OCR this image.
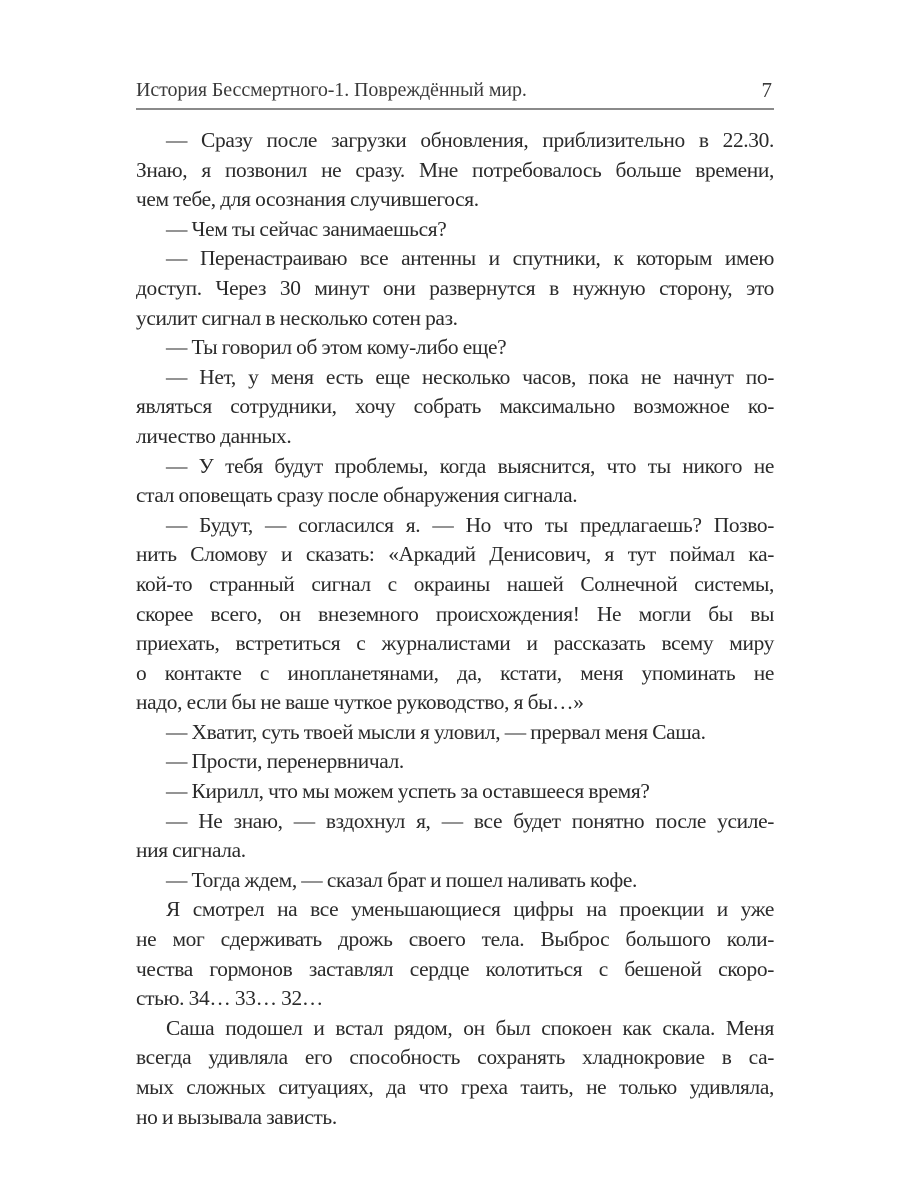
История Бессмертного-1. Повреждённый мир.	7
— Сразу после загрузки обновления, приблизительно в 22.30.
Знаю, я позвонил не сразу. Мне потребовалось больше времени,
чем тебе, для осознания случившегося.
— Чем ты сейчас занимаешься?
— Перенастраиваю все антенны и спутники, к которым имею
доступ. Через 30 минут они развернутся в нужную сторону, это
усилит сигнал в несколько сотен раз.
— Ты говорил об этом кому-либо еще?
— Нет, у меня есть еще несколько часов, пока не начнут по-
являться сотрудники, хочу собрать максимально возможное ко-
личество данных.
— У тебя будут проблемы, когда выяснится, что ты никого не
стал оповещать сразу после обнаружения сигнала.
— Будут, — согласился я. — Но что ты предлагаешь? Позво-
нить Сломову и сказать: «Аркадий Денисович, я тут поймал ка-
кой-то странный сигнал с окраины нашей Солнечной системы,
скорее всего, он внеземного происхождения! Не могли бы вы
приехать, встретиться с журналистами и рассказать всему миру
о контакте с инопланетянами, да, кстати, меня упоминать не
надо, если бы не ваше чуткое руководство, я бы…»
— Хватит, суть твоей мысли я уловил, — прервал меня Саша.
— Прости, перенервничал.
— Кирилл, что мы можем успеть за оставшееся время?
— Не знаю, — вздохнул я, — все будет понятно после усиле-
ния сигнала.
— Тогда ждем, — сказал брат и пошел наливать кофе.
Я смотрел на все уменьшающиеся цифры на проекции и уже
не мог сдерживать дрожь своего тела. Выброс большого коли-
чества гормонов заставлял сердце колотиться с бешеной скоро-
стью. 34… 33… 32…
Саша подошел и встал рядом, он был спокоен как скала. Меня
всегда удивляла его способность сохранять хладнокровие в са-
мых сложных ситуациях, да что греха таить, не только удивляла,
но и вызывала зависть.
